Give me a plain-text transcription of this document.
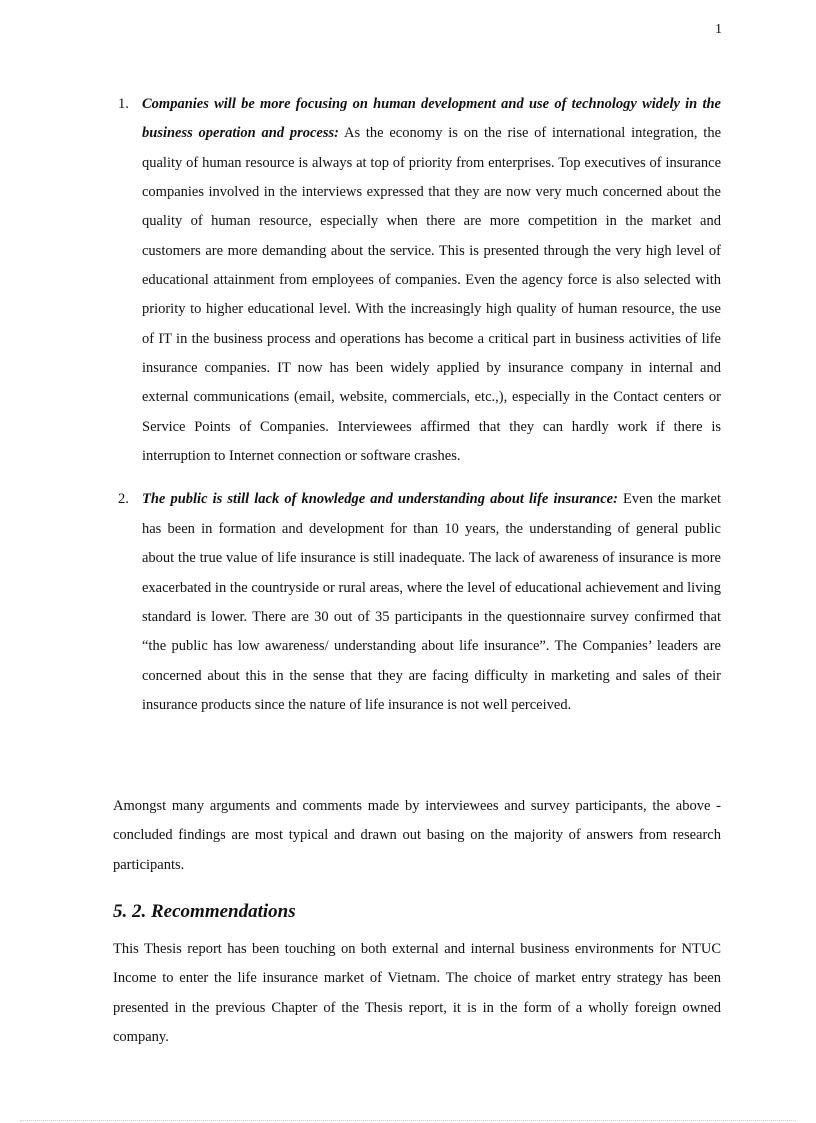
1
1. Companies will be more focusing on human development and use of technology widely in the business operation and process: As the economy is on the rise of international integration, the quality of human resource is always at top of priority from enterprises. Top executives of insurance companies involved in the interviews expressed that they are now very much concerned about the quality of human resource, especially when there are more competition in the market and customers are more demanding about the service. This is presented through the very high level of educational attainment from employees of companies. Even the agency force is also selected with priority to higher educational level. With the increasingly high quality of human resource, the use of IT in the business process and operations has become a critical part in business activities of life insurance companies. IT now has been widely applied by insurance company in internal and external communications (email, website, commercials, etc.,), especially in the Contact centers or Service Points of Companies. Interviewees affirmed that they can hardly work if there is interruption to Internet connection or software crashes.

2. The public is still lack of knowledge and understanding about life insurance: Even the market has been in formation and development for than 10 years, the understanding of general public about the true value of life insurance is still inadequate. The lack of awareness of insurance is more exacerbated in the countryside or rural areas, where the level of educational achievement and living standard is lower. There are 30 out of 35 participants in the questionnaire survey confirmed that “the public has low awareness/ understanding about life insurance”. The Companies’ leaders are concerned about this in the sense that they are facing difficulty in marketing and sales of their insurance products since the nature of life insurance is not well perceived.

Amongst many arguments and comments made by interviewees and survey participants, the above - concluded findings are most typical and drawn out basing on the majority of answers from research participants.

5. 2. Recommendations

This Thesis report has been touching on both external and internal business environments for NTUC Income to enter the life insurance market of Vietnam. The choice of market entry strategy has been presented in the previous Chapter of the Thesis report, it is in the form of a wholly foreign owned company.
